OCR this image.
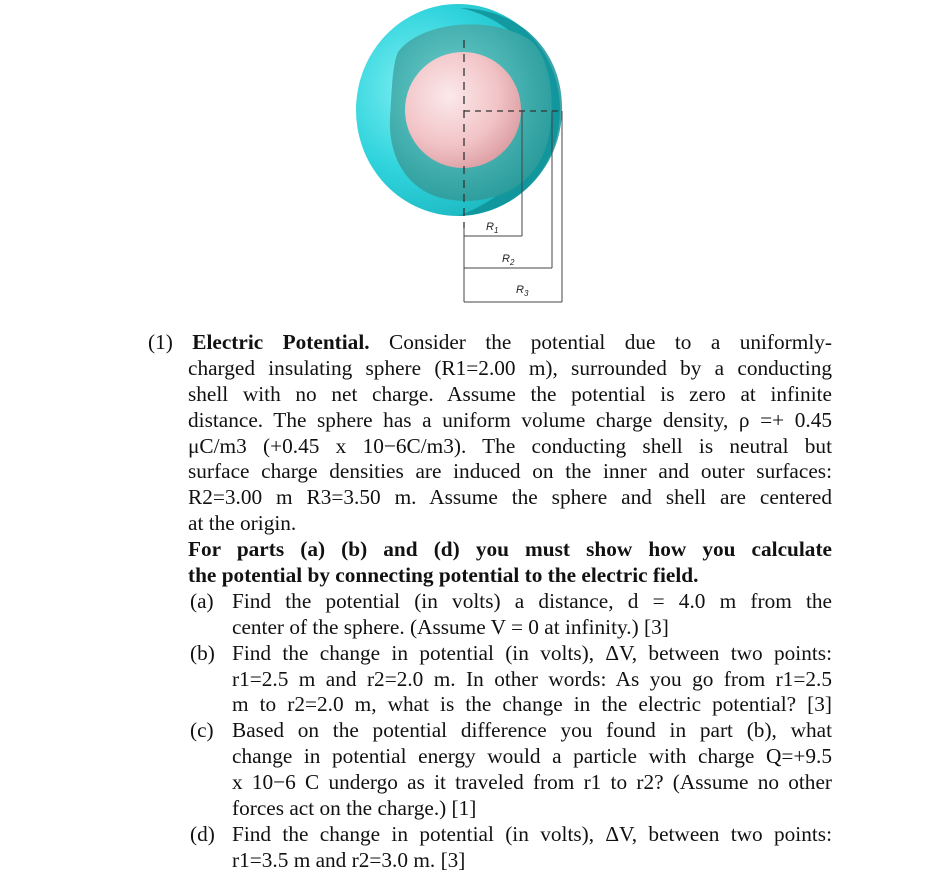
$R_1$
$R_2$
$R_3$
(1) Electric Potential. Consider the potential due to a uniformly-
charged insulating sphere (R1=2.00 m), surrounded by a conducting
shell with no net charge. Assume the potential is zero at infinite
distance. The sphere has a uniform volume charge density, ρ =+ 0.45
μC/m3 (+0.45 x 10−6C/m3). The conducting shell is neutral but
surface charge densities are induced on the inner and outer surfaces:
R2=3.00 m R3=3.50 m. Assume the sphere and shell are centered
at the origin.
For parts (a) (b) and (d) you must show how you calculate
the potential by connecting potential to the electric field.
(a) Find the potential (in volts) a distance, d = 4.0 m from the
center of the sphere. (Assume V = 0 at infinity.) [3]
(b) Find the change in potential (in volts), ΔV, between two points:
r1=2.5 m and r2=2.0 m. In other words: As you go from r1=2.5
m to r2=2.0 m, what is the change in the electric potential? [3]
(c) Based on the potential difference you found in part (b), what
change in potential energy would a particle with charge Q=+9.5
x 10−6 C undergo as it traveled from r1 to r2? (Assume no other
forces act on the charge.) [1]
(d) Find the change in potential (in volts), ΔV, between two points:
r1=3.5 m and r2=3.0 m. [3]
